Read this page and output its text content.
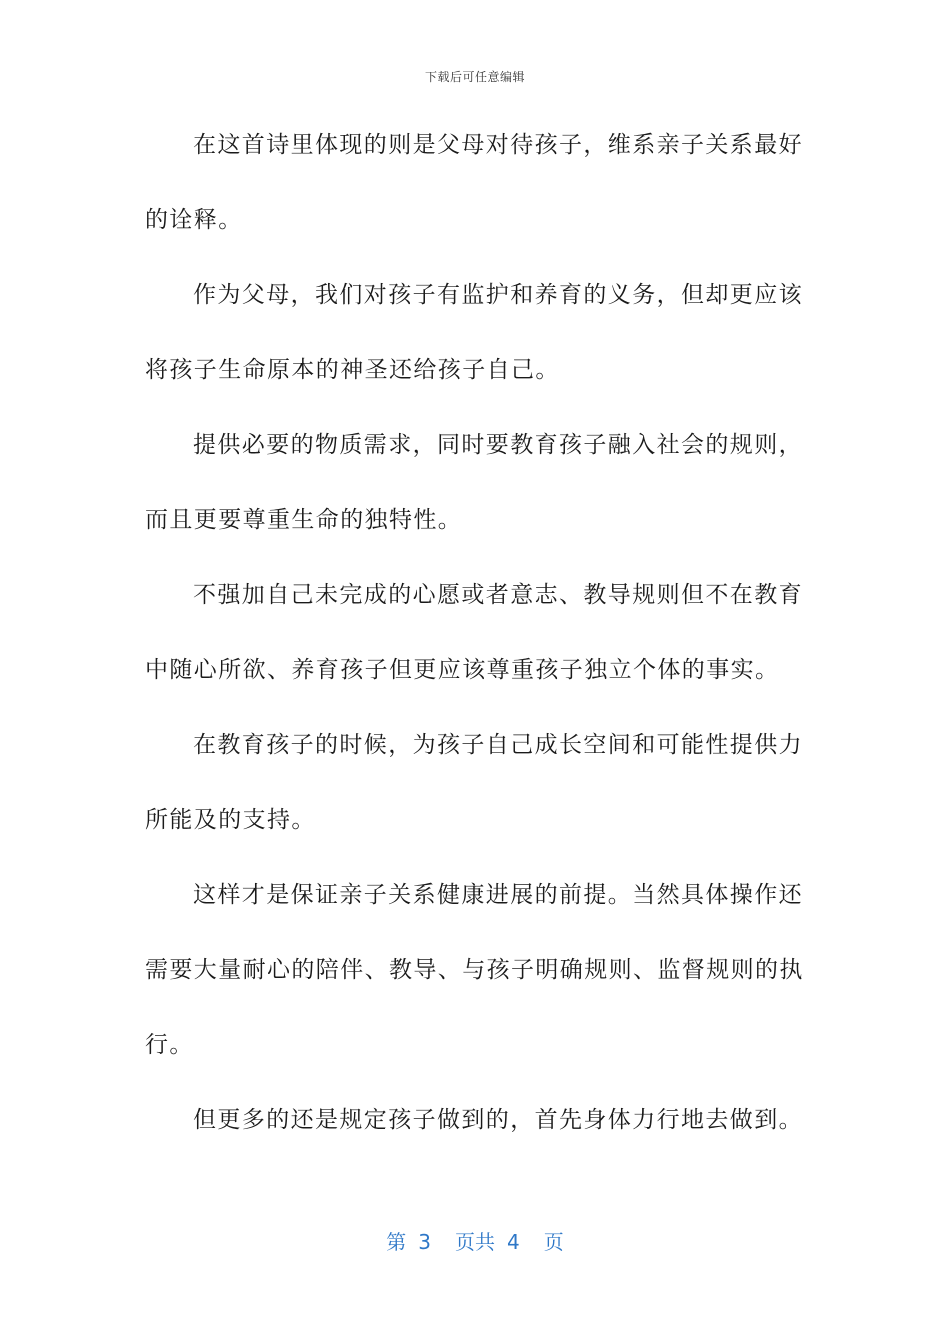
下载后可任意编辑
在这首诗里体现的则是父母对待孩子，维系亲子关系最好
的诠释。
作为父母，我们对孩子有监护和养育的义务，但却更应该
将孩子生命原本的神圣还给孩子自己。
提供必要的物质需求，同时要教育孩子融入社会的规则，
而且更要尊重生命的独特性。
不强加自己未完成的心愿或者意志、教导规则但不在教育
中随心所欲、养育孩子但更应该尊重孩子独立个体的事实。
在教育孩子的时候，为孩子自己成长空间和可能性提供力
所能及的支持。
这样才是保证亲子关系健康进展的前提。当然具体操作还
需要大量耐心的陪伴、教导、与孩子明确规则、监督规则的执
行。
但更多的还是规定孩子做到的，首先身体力行地去做到。
第 3 页共 4 页
